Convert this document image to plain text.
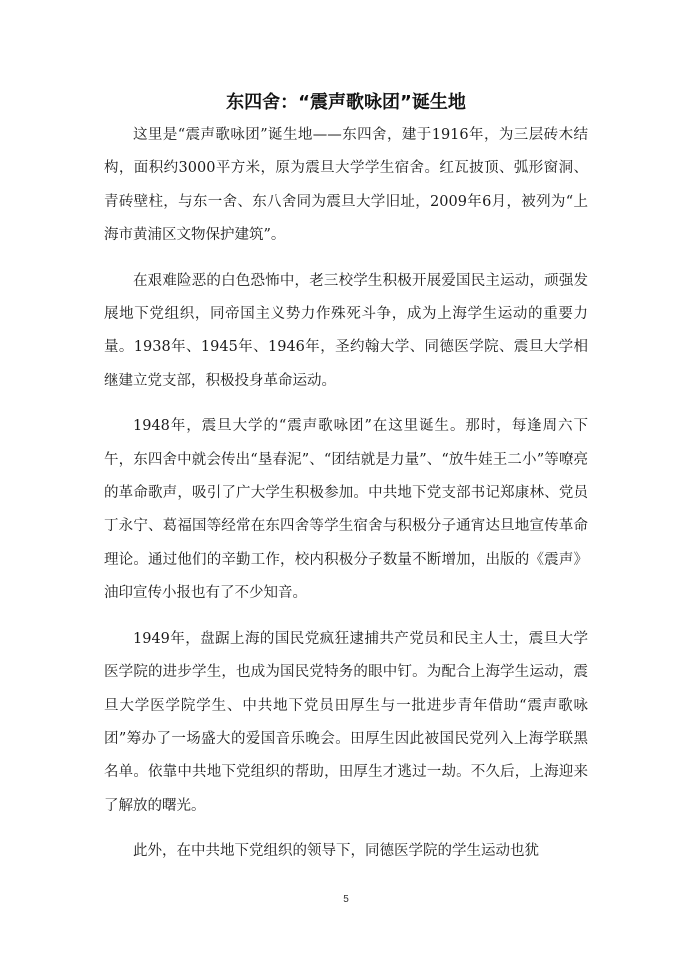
东四舍：“震声歌咏团”诞生地

这里是“震声歌咏团”诞生地——东四舍，建于1916年，为三层砖木结构，面积约3000平方米，原为震旦大学学生宿舍。红瓦披顶、弧形窗洞、青砖壁柱，与东一舍、东八舍同为震旦大学旧址，2009年6月，被列为“上海市黄浦区文物保护建筑”。

在艰难险恶的白色恐怖中，老三校学生积极开展爱国民主运动，顽强发展地下党组织，同帝国主义势力作殊死斗争，成为上海学生运动的重要力量。1938年、1945年、1946年，圣约翰大学、同德医学院、震旦大学相继建立党支部，积极投身革命运动。

1948年，震旦大学的“震声歌咏团”在这里诞生。那时，每逢周六下午，东四舍中就会传出“垦春泥”、“团结就是力量”、“放牛娃王二小”等嘹亮的革命歌声，吸引了广大学生积极参加。中共地下党支部书记郑康林、党员丁永宁、葛福国等经常在东四舍等学生宿舍与积极分子通宵达旦地宣传革命理论。通过他们的辛勤工作，校内积极分子数量不断增加，出版的《震声》油印宣传小报也有了不少知音。

1949年，盘踞上海的国民党疯狂逮捕共产党员和民主人士，震旦大学医学院的进步学生，也成为国民党特务的眼中钉。为配合上海学生运动，震旦大学医学院学生、中共地下党员田厚生与一批进步青年借助“震声歌咏团”筹办了一场盛大的爱国音乐晚会。田厚生因此被国民党列入上海学联黑名单。依靠中共地下党组织的帮助，田厚生才逃过一劫。不久后，上海迎来了解放的曙光。

此外，在中共地下党组织的领导下，同德医学院的学生运动也犹

5
